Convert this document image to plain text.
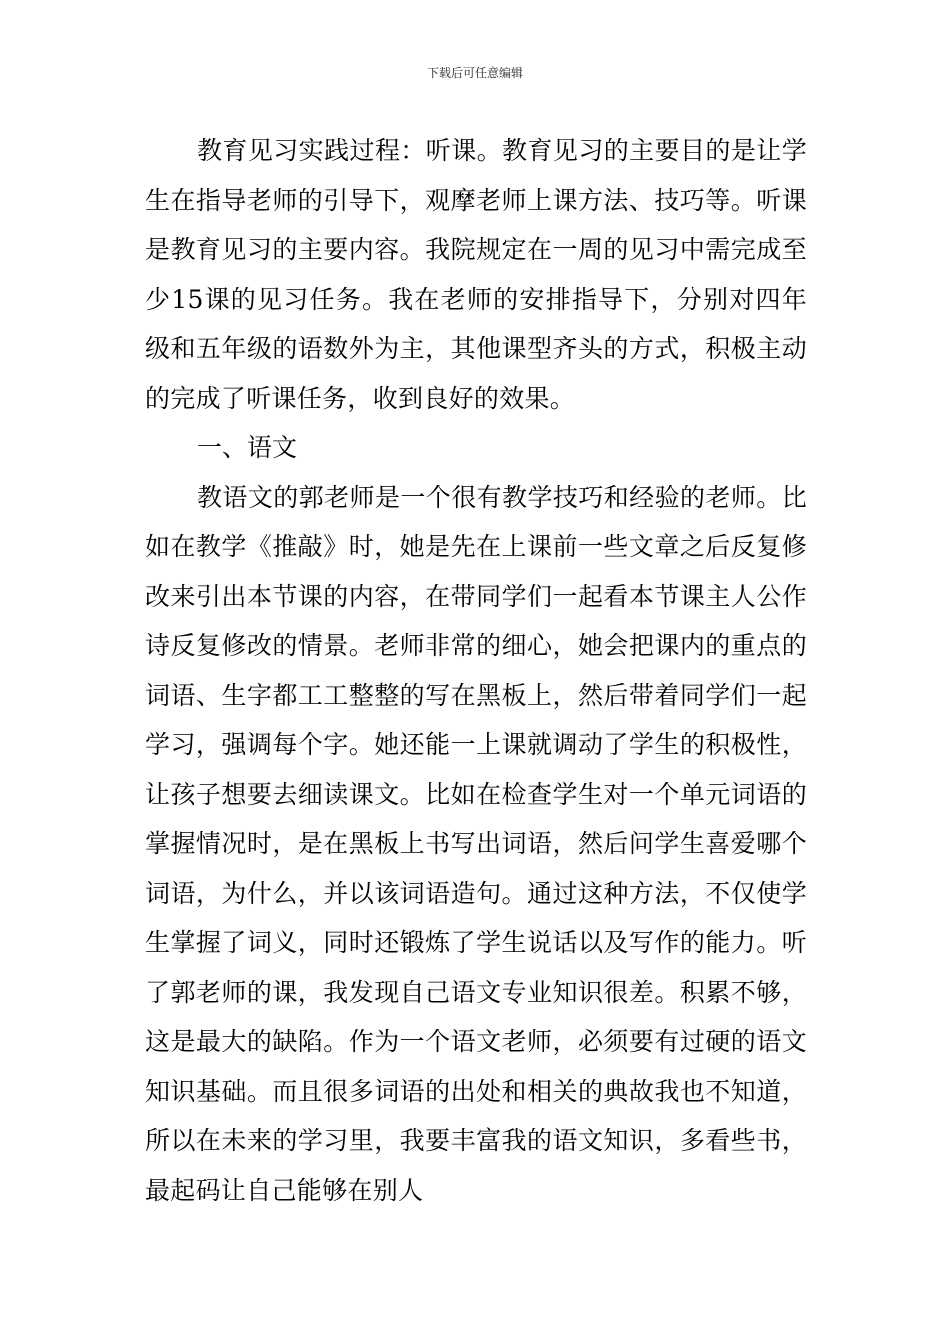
下载后可任意编辑

教育见习实践过程：听课。教育见习的主要目的是让学生在指导老师的引导下，观摩老师上课方法、技巧等。听课是教育见习的主要内容。我院规定在一周的见习中需完成至少15课的见习任务。我在老师的安排指导下，分别对四年级和五年级的语数外为主，其他课型齐头的方式，积极主动的完成了听课任务，收到良好的效果。

一、语文

教语文的郭老师是一个很有教学技巧和经验的老师。比如在教学《推敲》时，她是先在上课前一些文章之后反复修改来引出本节课的内容，在带同学们一起看本节课主人公作诗反复修改的情景。老师非常的细心，她会把课内的重点的词语、生字都工工整整的写在黑板上，然后带着同学们一起学习，强调每个字。她还能一上课就调动了学生的积极性，让孩子想要去细读课文。比如在检查学生对一个单元词语的掌握情况时，是在黑板上书写出词语，然后问学生喜爱哪个词语，为什么，并以该词语造句。通过这种方法，不仅使学生掌握了词义，同时还锻炼了学生说话以及写作的能力。听了郭老师的课，我发现自己语文专业知识很差。积累不够，这是最大的缺陷。作为一个语文老师，必须要有过硬的语文知识基础。而且很多词语的出处和相关的典故我也不知道，所以在未来的学习里，我要丰富我的语文知识，多看些书，最起码让自己能够在别人
